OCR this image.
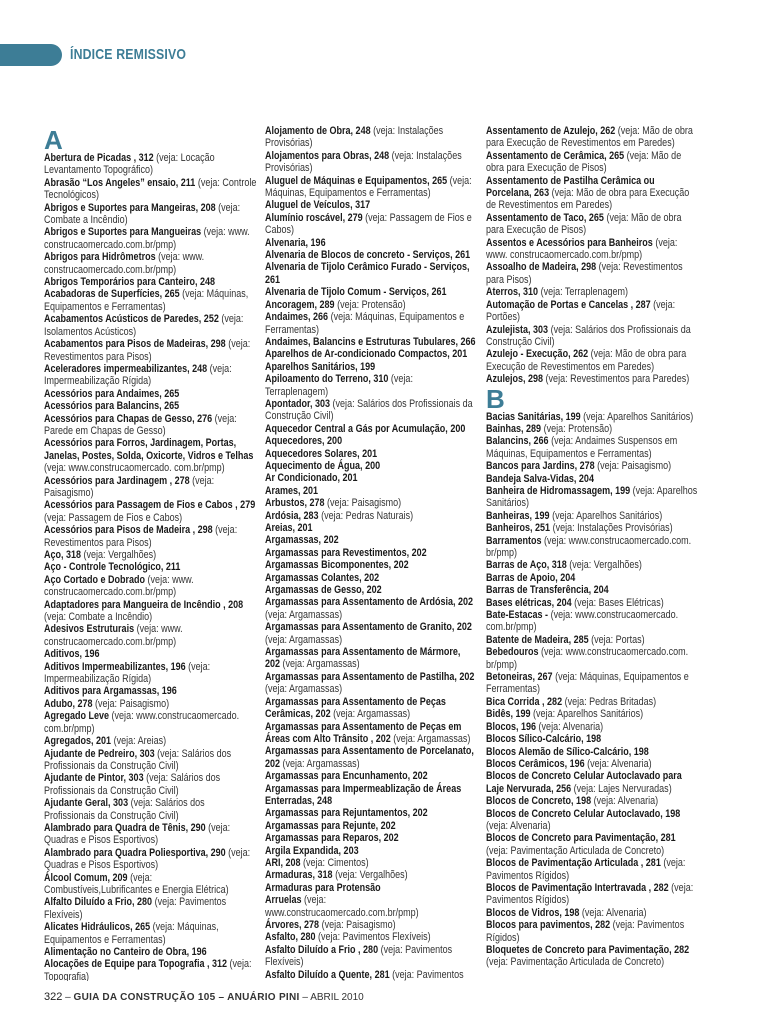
ÍNDICE REMISSIVO
A

Abertura de Picadas , 312 (veja: Locação Levantamento Topográfico)

Abrasão “Los Angeles” ensaio, 211 (veja: Controle Tecnológicos)

Abrigos e Suportes para Mangeiras, 208 (veja: Combate a Incêndio)

Abrigos e Suportes para Mangueiras (veja: www. construcaomercado.com.br/pmp)

Abrigos para Hidrômetros (veja: www. construcaomercado.com.br/pmp)

Abrigos Temporários para Canteiro, 248

Acabadoras de Superfícies, 265 (veja: Máquinas, Equipamentos e Ferramentas)

Acabamentos Acústicos de Paredes, 252 (veja: Isolamentos Acústicos)

Acabamentos para Pisos de Madeiras, 298 (veja: Revestimentos para Pisos)

Aceleradores impermeabilizantes, 248 (veja: Impermeabilização Rígida)

Acessórios para Andaimes, 265

Acessórios para Balancins, 265

Acessórios para Chapas de Gesso, 276 (veja: Parede em Chapas de Gesso)

Acessórios para Forros, Jardinagem, Portas, Janelas, Postes, Solda, Oxicorte, Vidros e Telhas (veja: www.construcaomercado. com.br/pmp)

Acessórios para Jardinagem , 278 (veja: Paisagismo)

Acessórios para Passagem de Fios e Cabos , 279 (veja: Passagem de Fios e Cabos)

Acessórios para Pisos de Madeira , 298 (veja: Revestimentos para Pisos)

Aço, 318 (veja: Vergalhões)

Aço - Controle Tecnológico, 211

Aço Cortado e Dobrado (veja: www. construcaomercado.com.br/pmp)

Adaptadores para Mangueira de Incêndio , 208 (veja: Combate a Incêndio)

Adesivos Estruturais (veja: www. construcaomercado.com.br/pmp)

Aditivos, 196

Aditivos Impermeabilizantes, 196 (veja: Impermeabilização Rígida)

Aditivos para Argamassas, 196

Adubo, 278 (veja: Paisagismo)

Agregado Leve (veja: www.construcaomercado. com.br/pmp)

Agregados, 201 (veja: Areias)

Ajudante de Pedreiro, 303 (veja: Salários dos Profissionais da Construção Civil)

Ajudante de Pintor, 303 (veja: Salários dos Profissionais da Construção Civil)

Ajudante Geral, 303 (veja: Salários dos Profissionais da Construção Civil)

Alambrado para Quadra de Tênis, 290 (veja: Quadras e Pisos Esportivos)

Alambrado para Quadra Poliesportiva, 290 (veja: Quadras e Pisos Esportivos)

Álcool Comum, 209 (veja: Combustíveis,Lubrificantes e Energia Elétrica)

Alfalto Diluído a Frio, 280 (veja: Pavimentos Flexíveis)

Alicates Hidráulicos, 265 (veja: Máquinas, Equipamentos e Ferramentas)

Alimentação no Canteiro de Obra, 196

Alocações de Equipe para Topografia , 312 (veja: Topografia)

Alojamento de Obra, 248 (veja: Instalações Provisórias)

Alojamentos para Obras, 248 (veja: Instalações Provisórias)

Aluguel de Máquinas e Equipamentos, 265 (veja: Máquinas, Equipamentos e Ferramentas)

Aluguel de Veículos, 317

Alumínio roscável, 279 (veja: Passagem de Fios e Cabos)

Alvenaria, 196

Alvenaria de Blocos de concreto - Serviços, 261

Alvenaria de Tijolo Cerâmico Furado - Serviços, 261

Alvenaria de Tijolo Comum - Serviços, 261

Ancoragem, 289 (veja: Protensão)

Andaimes, 266 (veja: Máquinas, Equipamentos e Ferramentas)

Andaimes, Balancins e Estruturas Tubulares, 266

Aparelhos de Ar-condicionado Compactos, 201

Aparelhos Sanitários, 199

Apiloamento do Terreno, 310 (veja: Terraplenagem)

Apontador, 303 (veja: Salários dos Profissionais da Construção Civil)

Aquecedor Central a Gás por Acumulação, 200

Aquecedores, 200

Aquecedores Solares, 201

Aquecimento de Água, 200

Ar Condicionado, 201

Arames, 201

Arbustos, 278 (veja: Paisagismo)

Ardósia, 283 (veja: Pedras Naturais)

Areias, 201

Argamassas, 202

Argamassas para Revestimentos, 202

Argamassas Bicomponentes, 202

Argamassas Colantes, 202

Argamassas de Gesso, 202

Argamassas para Assentamento de Ardósia, 202 (veja: Argamassas)

Argamassas para Assentamento de Granito, 202 (veja: Argamassas)

Argamassas para Assentamento de Mármore, 202 (veja: Argamassas)

Argamassas para Assentamento de Pastilha, 202 (veja: Argamassas)

Argamassas para Assentamento de Peças Cerâmicas, 202 (veja: Argamassas)

Argamassas para Assentamento de Peças em Áreas com Alto Trânsito , 202 (veja: Argamassas)

Argamassas para Assentamento de Porcelanato, 202 (veja: Argamassas)

Argamassas para Encunhamento, 202

Argamassas para Impermeablização de Áreas Enterradas, 248

Argamassas para Rejuntamentos, 202

Argamassas para Rejunte, 202

Argamassas para Reparos, 202

Argila Expandida, 203

ARI, 208 (veja: Cimentos)

Armaduras, 318 (veja: Vergalhões)

Armaduras para Protensão

Arruelas (veja: www.construcaomercado.com.br/pmp)

Árvores, 278 (veja: Paisagismo)

Asfalto, 280 (veja: Pavimentos Flexíveis)

Asfalto Diluído a Frio , 280 (veja: Pavimentos Flexíveis)

Asfalto Diluído a Quente, 281 (veja: Pavimentos

Assentamento de Azulejo, 262 (veja: Mão de obra para Execução de Revestimentos em Paredes)

Assentamento de Cerâmica, 265 (veja: Mão de obra para Execução de Pisos)

Assentamento de Pastilha Cerâmica ou Porcelana, 263 (veja: Mão de obra para Execução de Revestimentos em Paredes)

Assentamento de Taco, 265 (veja: Mão de obra para Execução de Pisos)

Assentos e Acessórios para Banheiros (veja: www. construcaomercado.com.br/pmp)

Assoalho de Madeira, 298 (veja: Revestimentos para Pisos)

Aterros, 310 (veja: Terraplenagem)

Automação de Portas e Cancelas , 287 (veja: Portões)

Azulejista, 303 (veja: Salários dos Profissionais da Construção Civil)

Azulejo - Execução, 262 (veja: Mão de obra para Execução de Revestimentos em Paredes)

Azulejos, 298 (veja: Revestimentos para Paredes)

B

Bacias Sanitárias, 199 (veja: Aparelhos Sanitários)

Bainhas, 289 (veja: Protensão)

Balancins, 266 (veja: Andaimes Suspensos em Máquinas, Equipamentos e Ferramentas)

Bancos para Jardins, 278 (veja: Paisagismo)

Bandeja Salva-Vidas, 204

Banheira de Hidromassagem, 199 (veja: Aparelhos Sanitários)

Banheiras, 199 (veja: Aparelhos Sanitários)

Banheiros, 251 (veja: Instalações Provisórias)

Barramentos (veja: www.construcaomercado.com. br/pmp)

Barras de Aço, 318 (veja: Vergalhões)

Barras de Apoio, 204

Barras de Transferência, 204

Bases elétricas, 204 (veja: Bases Elétricas)

Bate-Estacas - (veja: www.construcaomercado. com.br/pmp)

Batente de Madeira, 285 (veja: Portas)

Bebedouros (veja: www.construcaomercado.com. br/pmp)

Betoneiras, 267 (veja: Máquinas, Equipamentos e Ferramentas)

Bica Corrida , 282 (veja: Pedras Britadas)

Bidês, 199 (veja: Aparelhos Sanitários)

Blocos, 196 (veja: Alvenaria)

Blocos Sílico-Calcário, 198

Blocos Alemão de Sílico-Calcário, 198

Blocos Cerâmicos, 196 (veja: Alvenaria)

Blocos de Concreto Celular Autoclavado para Laje Nervurada, 256 (veja: Lajes Nervuradas)

Blocos de Concreto, 198 (veja: Alvenaria)

Blocos de Concreto Celular Autoclavado, 198 (veja: Alvenaria)

Blocos de Concreto para Pavimentação, 281 (veja: Pavimentação Articulada de Concreto)

Blocos de Pavimentação Articulada , 281 (veja: Pavimentos Rígidos)

Blocos de Pavimentação Intertravada , 282 (veja: Pavimentos Rígidos)

Blocos de Vidros, 198 (veja: Alvenaria)

Blocos para pavimentos, 282 (veja: Pavimentos Rígidos)

Bloquetes de Concreto para Pavimentação, 282 (veja: Pavimentação Articulada de Concreto)

322 – GUIA DA CONSTRUÇÃO 105 – ANUÁRIO PINI – ABRIL 2010
